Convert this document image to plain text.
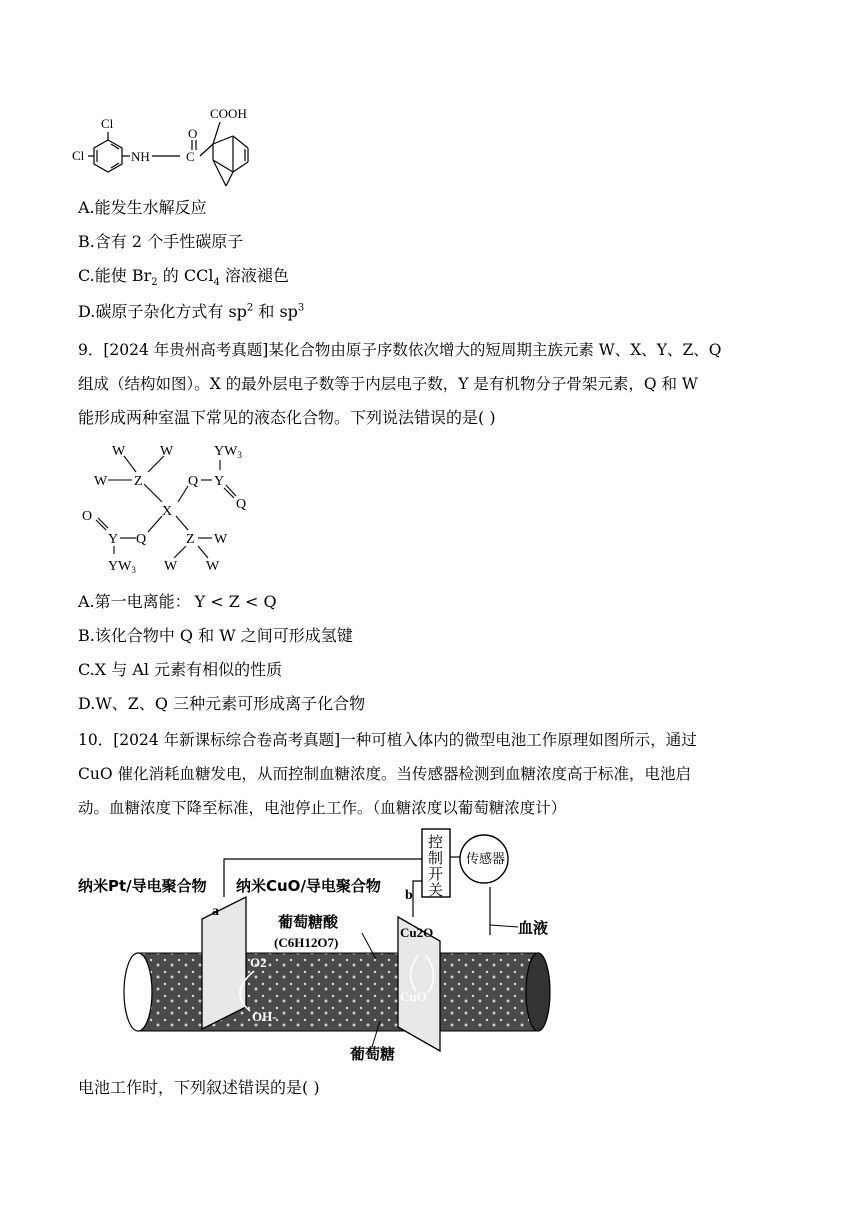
Cl
Cl	NH	C
O
COOH
A.能发生水解反应
B.含有 2 个手性碳原子
C.能使 $Br_2$ 的 CCl$_4$ 溶液褪色
D.碳原子杂化方式有 $sp^2$ 和 $sp^3$
9．[2024 年贵州高考真题]某化合物由原子序数依次增大的短周期主族元素 W、X、Y、Z、Q
组成（结构如图）。X 的最外层电子数等于内层电子数，Y 是有机物分子骨架元素，Q 和 W
能形成两种室温下常见的液态化合物。下列说法错误的是( )
W W	$YW_3$
W Z	Q Y
Q
X
O
Y Q	Z W
$YW_3$ W W
A.第一电离能： Y < Z < Q
B.该化合物中 Q 和 W 之间可形成氢键
C.X 与 Al 元素有相似的性质
D.W、Z、Q 三种元素可形成离子化合物
10．[2024 年新课标综合卷高考真题]一种可植入体内的微型电池工作原理如图所示，通过
CuO 催化消耗血糖发电，从而控制血糖浓度。当传感器检测到血糖浓度高于标准，电池启
动。血糖浓度下降至标准，电池停止工作。（血糖浓度以葡萄糖浓度计）
控
制
开
关
传感器
纳米Pt/导电聚合物
a
纳米CuO/导电聚合物
b
葡萄糖酸
(C6H12O7)
Cu2O
CuO
O2
OH-
血液
葡萄糖
电池工作时，下列叙述错误的是( )
